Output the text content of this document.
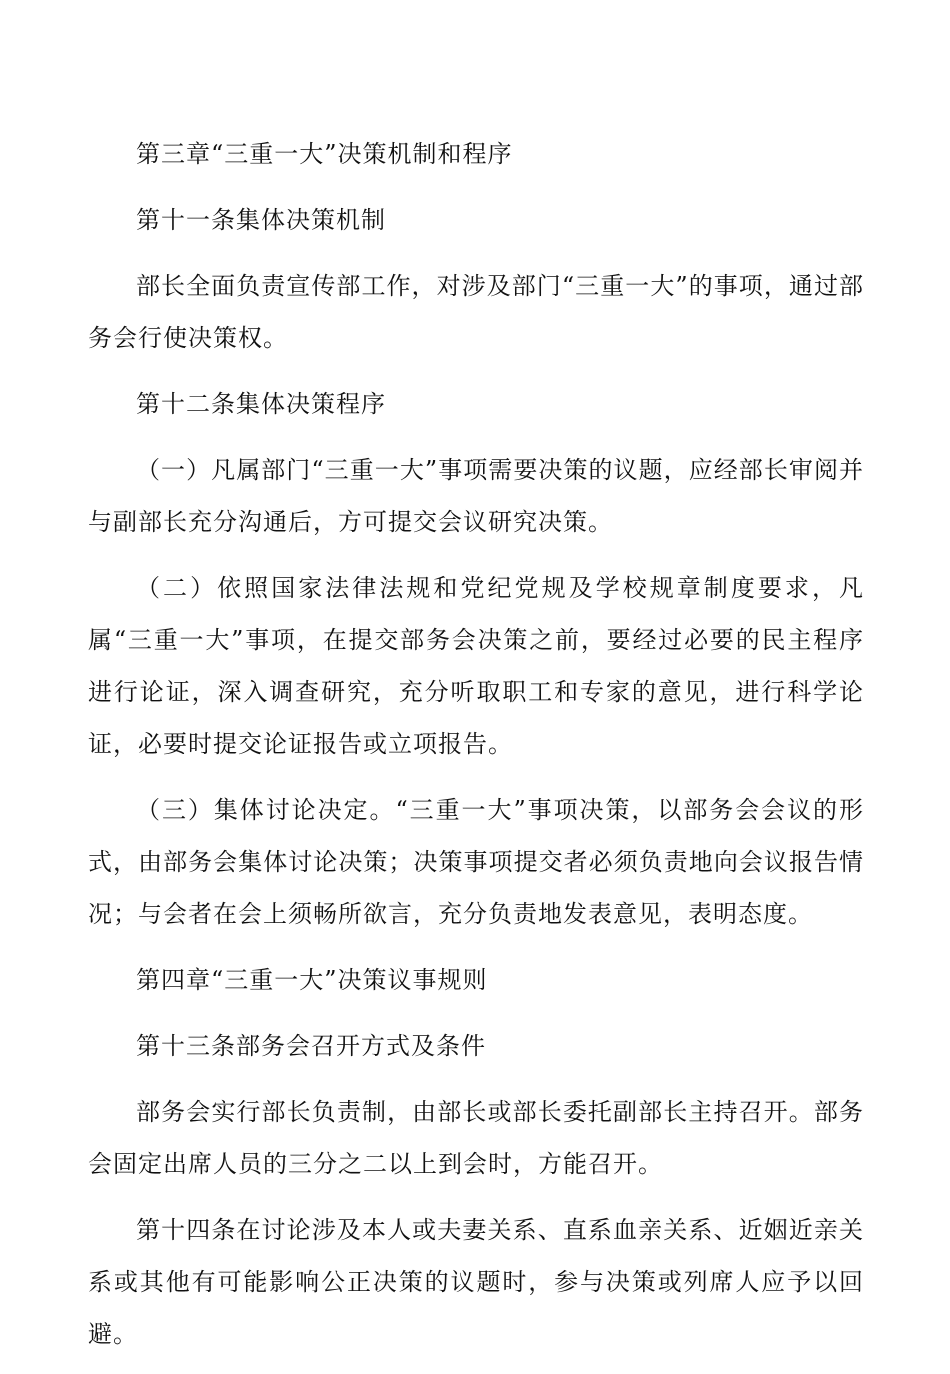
第三章“三重一大”决策机制和程序

第十一条集体决策机制

部长全面负责宣传部工作，对涉及部门“三重一大”的事项，通过部务会行使决策权。

第十二条集体决策程序

（一）凡属部门“三重一大”事项需要决策的议题，应经部长审阅并与副部长充分沟通后，方可提交会议研究决策。

（二）依照国家法律法规和党纪党规及学校规章制度要求，凡属“三重一大”事项，在提交部务会决策之前，要经过必要的民主程序进行论证，深入调查研究，充分听取职工和专家的意见，进行科学论证，必要时提交论证报告或立项报告。

（三）集体讨论决定。“三重一大”事项决策，以部务会会议的形式，由部务会集体讨论决策；决策事项提交者必须负责地向会议报告情况；与会者在会上须畅所欲言，充分负责地发表意见，表明态度。

第四章“三重一大”决策议事规则

第十三条部务会召开方式及条件

部务会实行部长负责制，由部长或部长委托副部长主持召开。部务会固定出席人员的三分之二以上到会时，方能召开。

第十四条在讨论涉及本人或夫妻关系、直系血亲关系、近姻近亲关系或其他有可能影响公正决策的议题时，参与决策或列席人应予以回避。
